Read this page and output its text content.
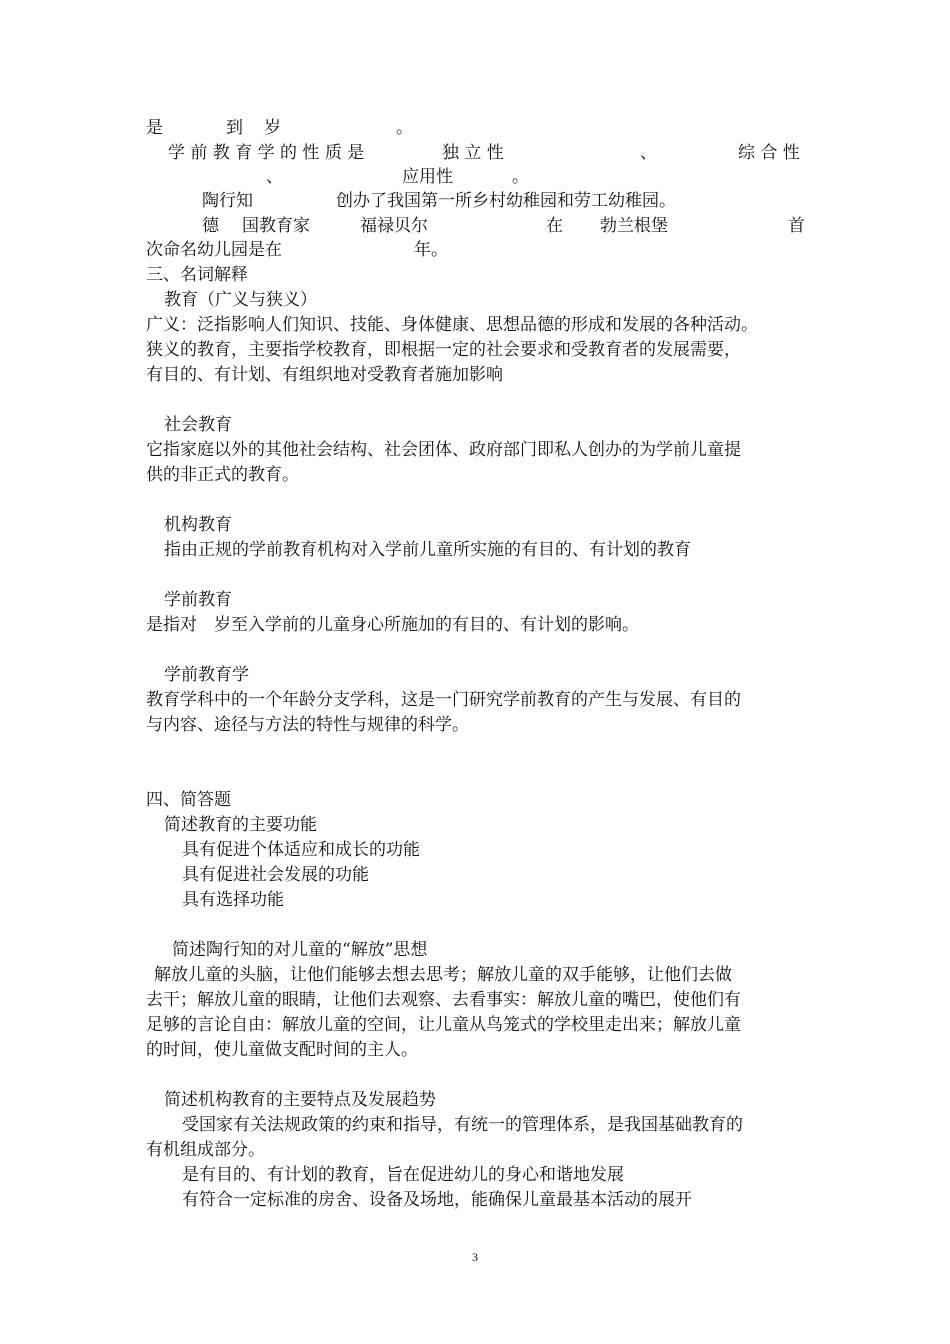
是	到 岁	。
学 前 教 育 学 的 性 质 是	独 立 性	、	综 合 性
、	应用性	。
陶行知	创办了我国第一所乡村幼稚园和劳工幼稚园。
德 国教育家	福禄贝尔	在 勃兰根堡	首
次命名幼儿园是在	年。
三、名词解释
教育（广义与狭义）
广义：泛指影响人们知识、技能、身体健康、思想品德的形成和发展的各种活动。
狭义的教育，主要指学校教育，即根据一定的社会要求和受教育者的发展需要，
有目的、有计划、有组织地对受教育者施加影响
社会教育
它指家庭以外的其他社会结构、社会团体、政府部门即私人创办的为学前儿童提
供的非正式的教育。
机构教育
指由正规的学前教育机构对入学前儿童所实施的有目的、有计划的教育
学前教育
是指对　岁至入学前的儿童身心所施加的有目的、有计划的影响。
学前教育学
教育学科中的一个年龄分支学科，这是一门研究学前教育的产生与发展、有目的
与内容、途径与方法的特性与规律的科学。
四、简答题
简述教育的主要功能
具有促进个体适应和成长的功能
具有促进社会发展的功能
具有选择功能
简述陶行知的对儿童的“解放”思想
解放儿童的头脑，让他们能够去想去思考；解放儿童的双手能够，让他们去做
去干；解放儿童的眼睛，让他们去观察、去看事实：解放儿童的嘴巴，使他们有
足够的言论自由：解放儿童的空间，让儿童从鸟笼式的学校里走出来；解放儿童
的时间，使儿童做支配时间的主人。
简述机构教育的主要特点及发展趋势
受国家有关法规政策的约束和指导，有统一的管理体系，是我国基础教育的
有机组成部分。
是有目的、有计划的教育，旨在促进幼儿的身心和谐地发展
有符合一定标准的房舍、设备及场地，能确保儿童最基本活动的展开
3
